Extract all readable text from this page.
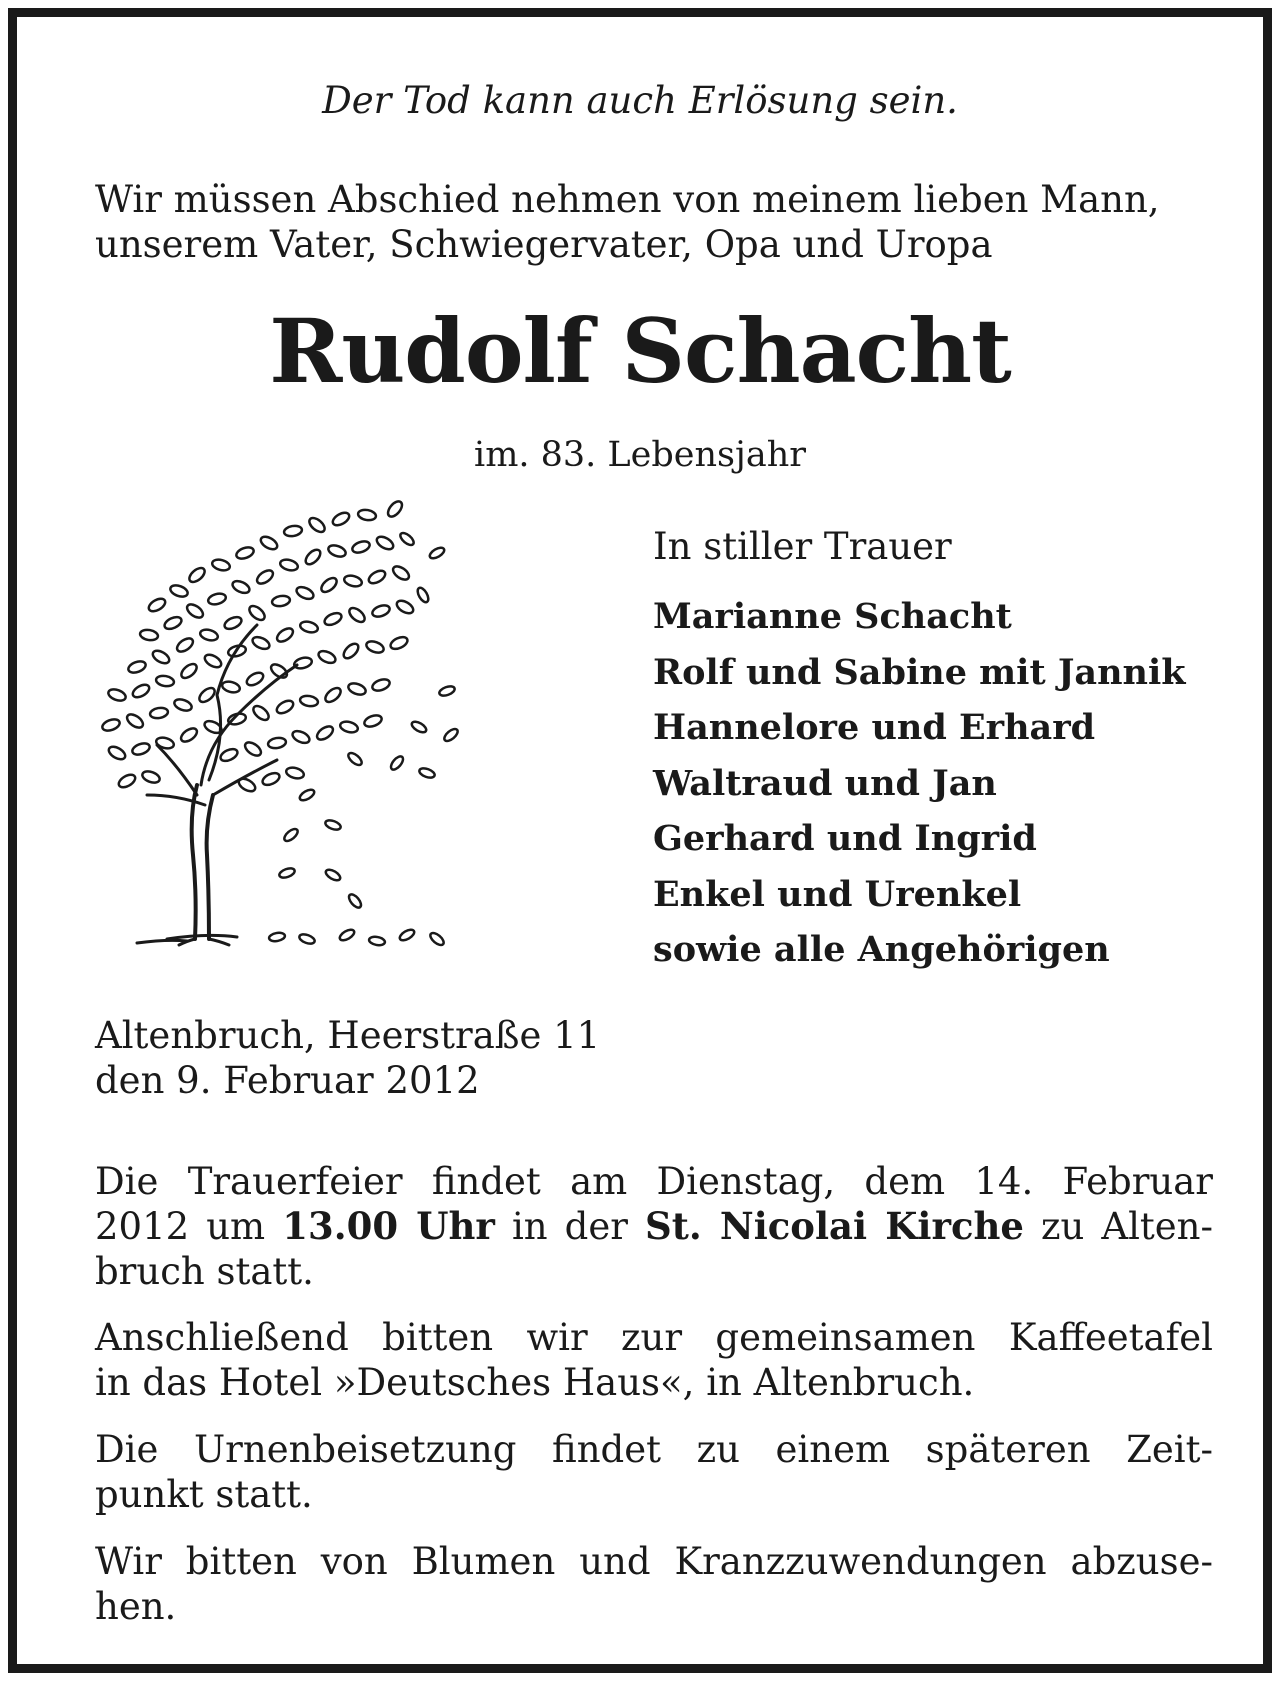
Der Tod kann auch Erlösung sein.
Wir müssen Abschied nehmen von meinem lieben Mann,
unserem Vater, Schwiegervater, Opa und Uropa
Rudolf Schacht
im. 83. Lebensjahr
In stiller Trauer
Marianne Schacht
Rolf und Sabine mit Jannik
Hannelore und Erhard
Waltraud und Jan
Gerhard und Ingrid
Enkel und Urenkel
sowie alle Angehörigen
Altenbruch, Heerstraße 11
den 9. Februar 2012
Die Trauerfeier findet am Dienstag, dem 14. Februar
2012 um 13.00 Uhr in der St. Nicolai Kirche zu Alten-
bruch statt.
Anschließend bitten wir zur gemeinsamen Kaffeetafel
in das Hotel »Deutsches Haus«, in Altenbruch.
Die Urnenbeisetzung findet zu einem späteren Zeit-
punkt statt.
Wir bitten von Blumen und Kranzzuwendungen abzuse-
hen.
